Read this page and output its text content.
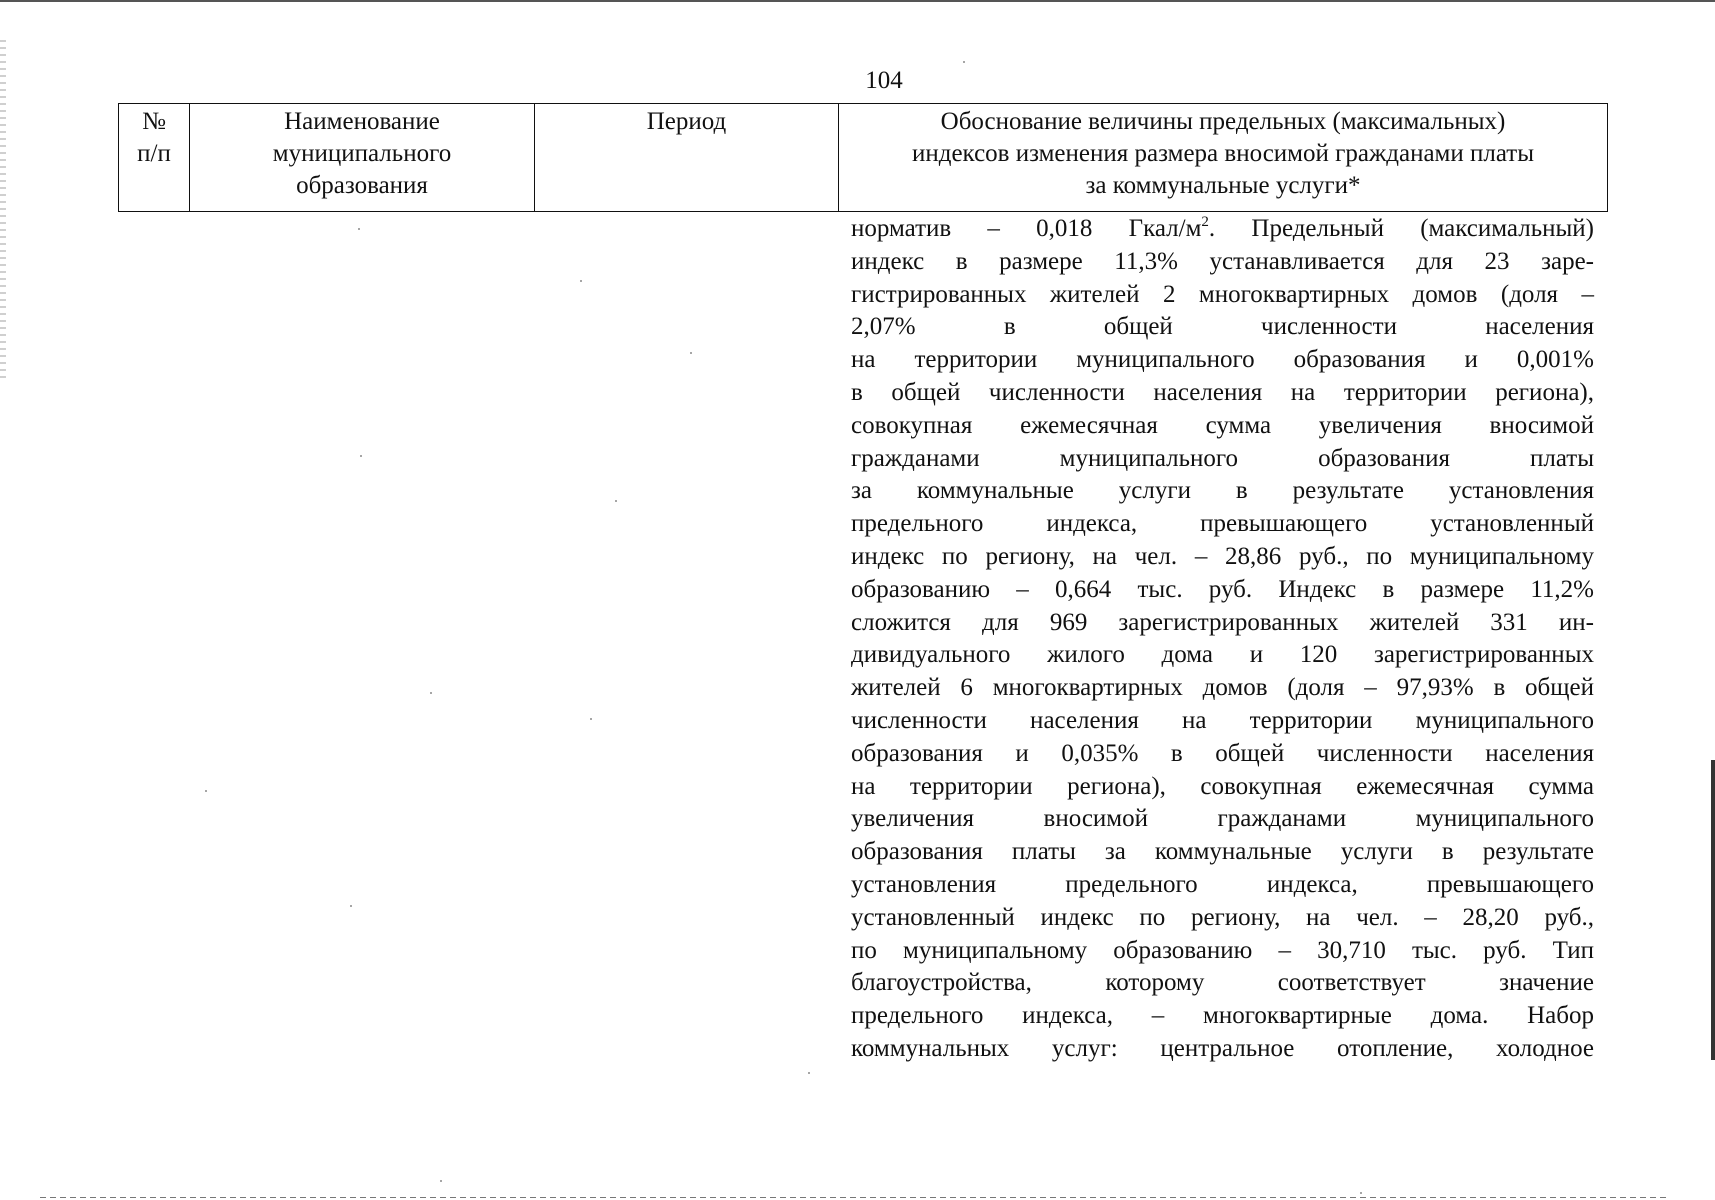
104
№
п/п
Наименование
муниципального
образования
Период	Обоснование величины предельных (максимальных)
индексов изменения размера вносимой гражданами платы
за коммунальные услуги*
норматив – 0,018 Гкал/$м^2$. Предельный (максимальный)
индекс в размере 11,3% устанавливается для 23 заре-
гистрированных жителей 2 многоквартирных домов (доля –
2,07% в общей численности населения
на территории муниципального образования и 0,001%
в общей численности населения на территории региона),
совокупная ежемесячная сумма увеличения вносимой
гражданами муниципального образования платы
за коммунальные услуги в результате установления
предельного индекса, превышающего установленный
индекс по региону, на чел. – 28,86 руб., по муниципальному
образованию – 0,664 тыс. руб. Индекс в размере 11,2%
сложится для 969 зарегистрированных жителей 331 ин-
дивидуального жилого дома и 120 зарегистрированных
жителей 6 многоквартирных домов (доля – 97,93% в общей
численности населения на территории муниципального
образования и 0,035% в общей численности населения
на территории региона), совокупная ежемесячная сумма
увеличения вносимой гражданами муниципального
образования платы за коммунальные услуги в результате
установления предельного индекса, превышающего
установленный индекс по региону, на чел. – 28,20 руб.,
по муниципальному образованию – 30,710 тыс. руб. Тип
благоустройства, которому соответствует значение
предельного индекса, – многоквартирные дома. Набор
коммунальных услуг: центральное отопление, холодное
